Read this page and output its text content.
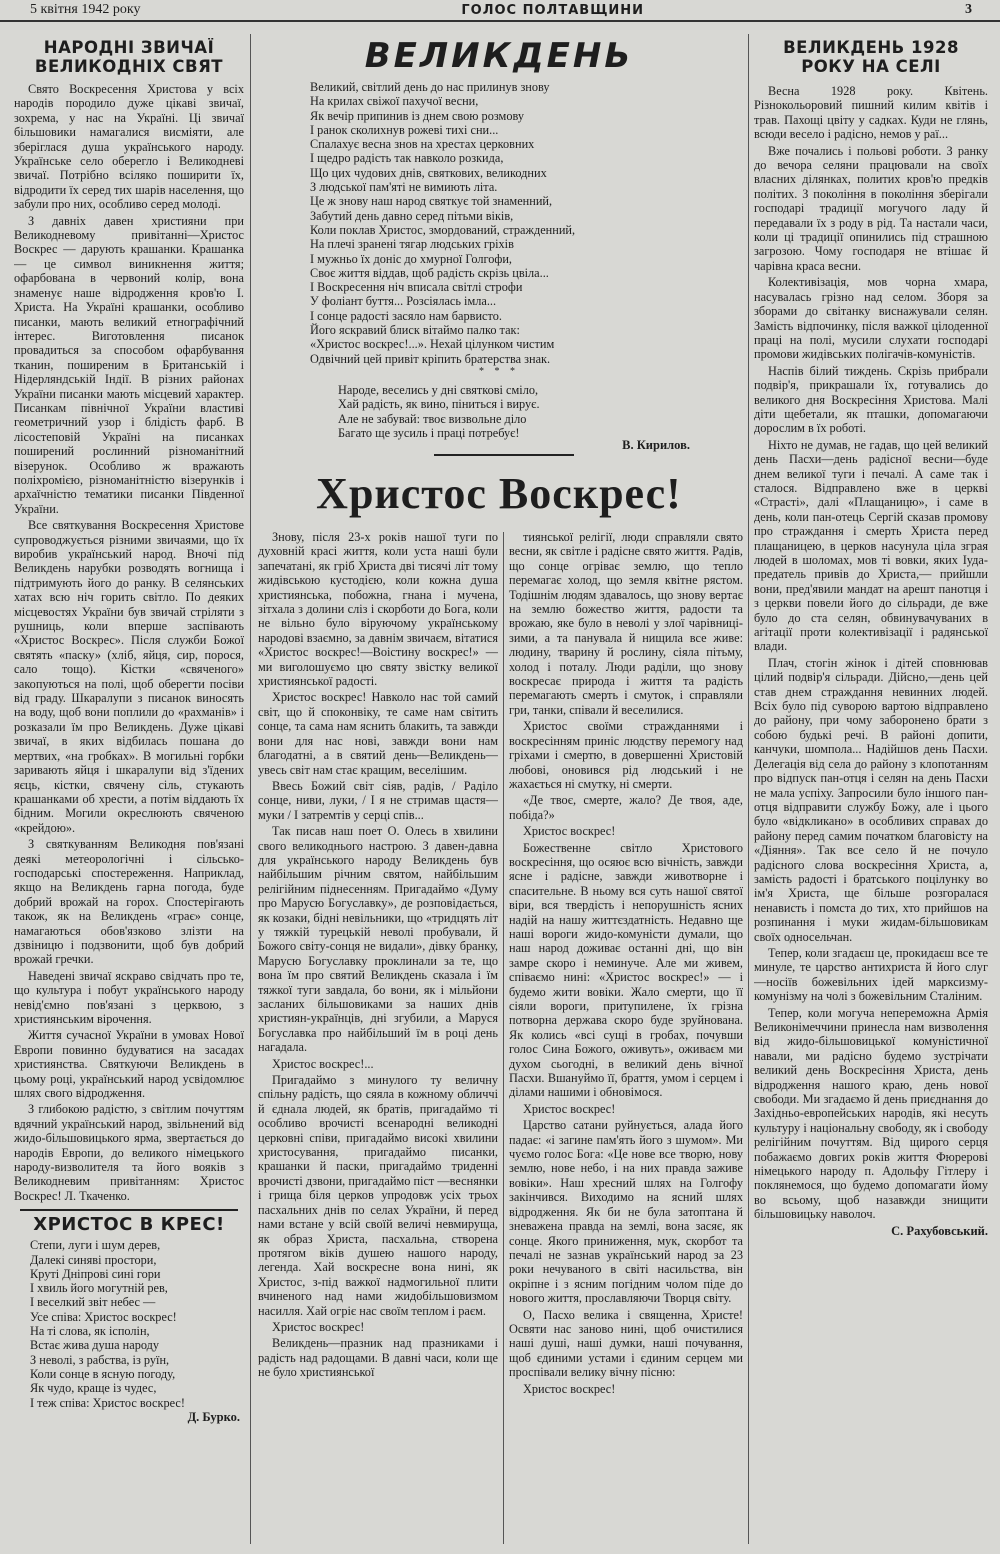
5 квітня 1942 року	ГОЛОС ПОЛТАВЩИНИ	3
НАРОДНІ ЗВИЧАЇ ВЕЛИКОДНІХ СВЯТ

Свято Воскресення Христова у всіх народів породило дуже цікаві звичаї, зохрема, у нас на Україні. Ці звичаї більшовики намагалися висміяти, але зберіглася душа українського народу. Українське село оберегло і Великодневі звичаї. Потрібно всіляко поширити їх, відродити їх серед тих шарів населення, що забули про них, особливо серед молоді.

З давніх давен християни при Великодневому привітанні—Христос Воскрес — дарують крашанки. Крашанка — це символ виникнення життя; офарбована в червоний колір, вона знаменує наше відродження кров'ю І. Христа. На Україні крашанки, особливо писанки, мають великий етнографічний інтерес. Виготовлення писанок провадиться за способом офарбування тканин, поширеним в Британській і Нідерляндській Індії. В різних районах України писанки мають місцевий характер. Писанкам північної України властиві геометричний узор і блідість фарб. В лісостеповій Україні на писанках поширений рослинний різноманітний візерунок. Особливо ж вражають поліхромією, різноманітністю візерунків і архаїчністю тематики писанки Південної України.

Все святкування Воскресення Христове супроводжується різними звичаями, що їх виробив український народ. Вночі під Великдень нарубки розводять вогнища і підтримують його до ранку. В селянських хатах всю ніч горить світло. По деяких місцевостях України був звичай стріляти з рушниць, коли вперше заспівають «Христос Воскрес». Після служби Божої святять «паску» (хліб, яйця, сир, порося, сало тощо). Кістки «свяченого» закопуються на полі, щоб оберегти посіви від граду. Шкаралупи з писанок виносять на воду, щоб вони поплили до «рахманів» і розказали їм про Великдень. Дуже цікаві звичаї, в яких відбилась пошана до мертвих, «на гробках». В могильні горбки заривають яйця і шкаралупи від з'їдених яєць, кістки, свячену сіль, стукають крашанками об хрести, а потім віддають їх бідним. Могили окреслюють свяченою «крейдою».

З святкуванням Великодня пов'язані деякі метеорологічні і сільсько-господарські спостереження. Наприклад, якщо на Великдень гарна погода, буде добрий врожай на горох. Спостерігають також, як на Великдень «грає» сонце, намагаються обов'язково злізти на дзвіницю і подзвонити, щоб був добрий врожай гречки.

Наведені звичаї яскраво свідчать про те, що культура і побут українського народу невід'ємно пов'язані з церквою, з християнським вірочення.

Життя сучасної України в умовах Нової Европи повинно будуватися на засадах християнства. Святкуючи Великдень в цьому році, український народ усвідомлює шлях свого відродження.

З глибокою радістю, з світлим почуттям вдячний український народ, звільнений від жидо-більшовицького ярма, звертається до народів Европи, до великого німецького народу-визволителя та його вояків з Великодневим привітанням: Христос Воскрес! Л. Ткаченко.

ХРИСТОС В КРЕС!
Степи, луги і шум дерев,
Далекі синяві простори,
Круті Дніпрові сині гори
І хвиль його могутній рев,
І веселкий звіт небес —
Усе співа: Христос воскрес!
На ті слова, як ісполін,
Встає жива душа народу
З неволі, з рабства, із руїн,
Коли сонце в ясную погоду,
Як чудо, краще із чудес,
І теж співа: Христос воскрес!
Д. Бурко.
ВЕЛИКДЕНЬ
Великий, світлий день до нас прилинув знову
На крилах свіжої пахучої весни,
Як вечір припинив із днем свою розмову
І ранок сколихнув рожеві тихі сни...
Спалахує весна знов на хрестах церковних
І щедро радість так навколо розкида,
Що цих чудових днів, святкових, великодних
З людської пам'яті не вимиють літа.
Це ж знову наш народ святкує той знаменний,
Забутий день давно серед пітьми віків,
Коли поклав Христос, змордований, стражденний,
На плечі зранені тягар людських гріхів
І мужньо їх доніс до хмурної Голгофи,
Своє життя віддав, щоб радість скрізь цвіла...
І Воскресення ніч вписала світлі строфи
У фоліант буття... Розсіялась імла...
І сонце радості засяло нам барвисто.
Його яскравий блиск вітаймо палко так:
«Христос воскрес!...». Нехай цілунком чистим
Одвічний цей привіт кріпить братерства знак.
* * *
Народе, веселись у дні святкові сміло,
Хай радість, як вино, піниться і вирує.
Але не забувай: твоє визвольне діло
Багато ще зусиль і праці потребує!
В. Кирилов.
Христос Воскрес!

Знову, після 23-х років нашої туги по духовній красі життя, коли уста наші були запечатані, як гріб Христа дві тисячі літ тому жидівською кустодією, коли кожна душа християнська, побожна, гнана і мучена, зітхала з долини сліз і скорботи до Бога, коли не вільно було віруючому українському народові взаємно, за давнім звичаєм, вітатися «Христос воскрес!—Воістину воскрес!» — ми виголошуємо цю святу звістку великої християнської радості.

Христос воскрес! Навколо нас той самий світ, що й споконвіку, те саме нам світить сонце, та сама нам яснить блакить, та завжди вони для нас нові, завжди вони нам благодатні, а в святий день—Великдень—увесь світ нам стає кращим, веселішим.

Ввесь Божий світ сіяв, радів, / Раділо сонце, ниви, луки, / І я не стримав щастя—муки / І затремтів у серці спів...

Так писав наш поет О. Олесь в хвилини свого великоднього настрою. З давен-давна для українського народу Великдень був найбільшим річним святом, найбільшим релігійним піднесенням. Пригадаймо «Думу про Марусю Богуславку», де розповідається, як козаки, бідні невільники, що «тридцять літ у тяжкій турецькій неволі пробували, й Божого світу-сонця не видали», дівку бранку, Марусю Богуславку проклинали за те, що вона їм про святий Великдень сказала і їм тяжкої туги завдала, бо вони, як і мільйони засланих більшовиками за наших днів християн-українців, дні згубили, а Маруся Богуславка про найбільший їм в році день нагадала.

Христос воскрес!...

Пригадаймо з минулого ту величну спільну радість, що сяяла в кожному обличчі й єднала людей, як братів, пригадаймо ті особливо врочисті всенародні великодні церковні співи, пригадаймо високі хвилини христосування, пригадаймо писанки, крашанки й паски, пригадаймо триденні врочисті дзвони, пригадаймо піст —веснянки і грища біля церков упродовж усіх трьох пасхальних днів по селах України, й перед нами встане у всій своїй величі невмируща, як образ Христа, пасхальна, створена протягом віків душею нашого народу, легенда. Хай воскресне вона нині, як Христос, з-під важкої надмогильної плити вчиненого над нами жидобільшовизмом насилля. Хай огріє нас своїм теплом і раєм.

Христос воскрес!

Великдень—празник над празниками і радість над радощами. В давні часи, коли ще не було християнської

тиянської релігії, люди справляли свято весни, як світле і радісне свято життя. Радів, що сонце огріває землю, що тепло перемагає холод, що земля квітне рястом. Тодішнім людям здавалось, що знову вертає на землю божество життя, радости та врожаю, яке було в неволі у злої чарівниці-зими, а та панувала й нищила все живе: людину, тварину й рослину, сіяла пітьму, холод і поталу. Люди раділи, що знову воскресає природа і життя та радість перемагають смерть і смуток, і справляли гри, танки, співали й веселилися.

Христос своїми стражданнями і воскресінням приніс людству перемогу над гріхами і смертю, в довершенні Христовій любові, оновився рід людський і не жахається ні смутку, ні смерти.

«Де твоє, смерте, жало? Де твоя, аде, побіда?»

Христос воскрес!

Божественне світло Христового воскресіння, що осяює всю вічність, завжди ясне і радісне, завжди животворне і спасительне. В ньому вся суть нашої святої віри, вся твердість і непорушність ясних надій на нашу життєздатність. Недавно ще наші вороги жидо-комуністи думали, що наш народ доживає останні дні, що він замре скоро і неминуче. Але ми живем, співаємо нині: «Христос воскрес!» — і будемо жити вовіки. Жало смерти, що її сіяли вороги, притупилене, їх грізна потворна держава скоро буде зруйнована. Як колись «всі сущі в гробах, почувши голос Сина Божого, оживуть», оживаєм ми духом сьогодні, в великий день вічної Пасхи. Вшануймо її, браття, умом і серцем і ділами нашими і обновімося.

Христос воскрес!

Царство сатани руйнується, алада його падає: «і загине пам'ять його з шумом». Ми чуємо голос Бога: «Це нове все творю, нову землю, нове небо, і на них правда заживе вовіки». Наш хресний шлях на Голгофу закінчився. Виходимо на ясний шлях відродження. Як би не була затоптана й зневажена правда на землі, вона засяє, як сонце. Якого приниження, мук, скорбот та печалі не зазнав український народ за 23 роки нечуваного в світі насильства, він окріпне і з ясним погідним чолом піде до нового життя, прославляючи Творця світу.

О, Пасхо велика і священна, Христе! Освяти нас заново нині, щоб очистилися наші душі, наші думки, наші почування, щоб єдиними устами і єдиним серцем ми проспівали велику вічну пісню:

Христос воскрес!

ВЕЛИКДЕНЬ 1928 РОКУ НА СЕЛІ

Весна 1928 року. Квітень. Різнокольоровий пишний килим квітів і трав. Пахощі цвіту у садках. Куди не глянь, всюди весело і радісно, немов у раї...

Вже почались і польові роботи. З ранку до вечора селяни працювали на своїх власних ділянках, политих кров'ю предків політих. З покоління в покоління зберігали господарі традиції могучого ладу й передавали їх з роду в рід. Та настали часи, коли ці традиції опинились під страшною загрозою. Чому господаря не втішає й чарівна краса весни.

Колективізація, мов чорна хмара, насувалась грізно над селом. Зборя за зборами до світанку виснажували селян. Замість відпочинку, після важкої цілоденної праці на полі, мусили слухати господарі промови жидівських полігачів-комуністів.

Наспів білий тиждень. Скрізь прибрали подвір'я, прикрашали їх, готувались до великого дня Воскресіння Христова. Малі діти щебетали, як пташки, допомагаючи дорослим в їх роботі.

Ніхто не думав, не гадав, що цей великий день Пасхи—день радісної весни—буде днем великої туги і печалі. А саме так і сталося. Відправлено вже в церкві «Страсті», далі «Плащаницю», і саме в день, коли пан-отець Сергій сказав промову про страждання і смерть Христа перед плащаницею, в церков насунула ціла зграя людей в шоломах, мов ті вовки, яких Іуда-предатель привів до Христа,— прийшли вони, пред'явили мандат на арешт панотця і з церкви повели його до сільради, де вже було до ста селян, обвинувачуваних в агітації проти колективізації і радянської влади.

Плач, стогін жінок і дітей сповнював цілий подвір'я сільради. Дійсно,—день цей став днем страждання невинних людей. Всіх було під суворою вартою відправлено до району, при чому заборонено брати з собою будькі речі. В районі допити, канчуки, шомпола... Надійшов день Пасхи. Делегація від села до району з клопотанням про відпуск пан-отця і селян на день Пасхи не мала успіху. Запросили було іншого пан-отця відправити службу Божу, але і цього було «відкликано» в особливих справах до району перед самим початком благовісту на «Діяння». Так все село й не почуло радісного слова воскресіння Христа, а, замість радості і братського поцілунку во ім'я Христа, ще більше розгоралася ненависть і помста до тих, хто прийшов на розпинання і муки жидам-більшовикам своїх односельчан.

Тепер, коли згадаєш це, прокидаєш все те минуле, те царство антихриста й його слуг—носіїв божевільних ідей марксизму-комунізму на чолі з божевільним Сталіним.

Тепер, коли могуча непереможна Армія Великонімеччини принесла нам визволення від жидо-більшовицької комуністичної навали, ми радісно будемо зустрічати великий день Воскресіння Христа, день відродження нашого краю, день нової свободи. Ми згадаємо й день приєднання до Західньо-европейських народів, які несуть культуру і національну свободу, як і свободу релігійним почуттям. Від щирого серця побажаємо довгих років життя Фюрерові німецького народу п. Адольфу Гітлеру і поклянемося, що будемо допомагати йому во всьому, щоб назавжди знищити більшовицьку наволоч.

С. Рахубовський.
